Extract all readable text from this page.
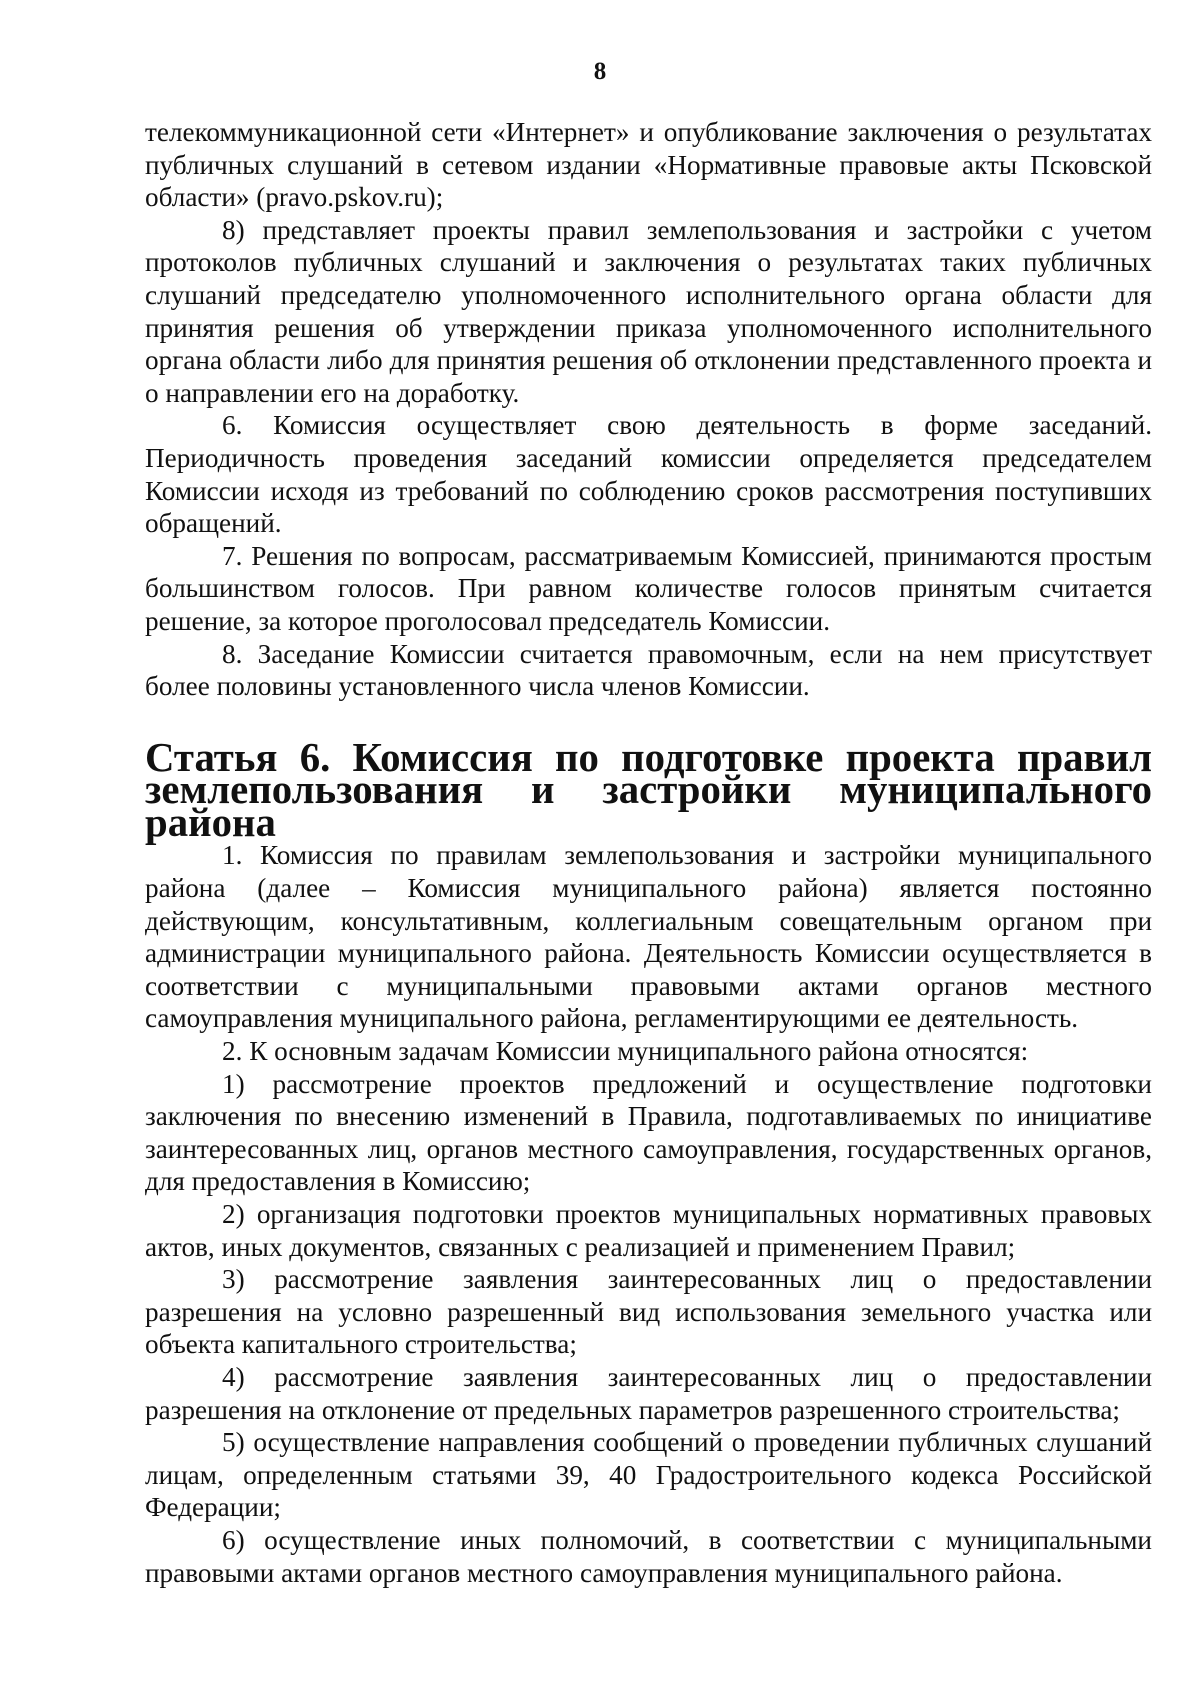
8

телекоммуникационной сети «Интернет» и опубликование заключения о результатах публичных слушаний в сетевом издании «Нормативные правовые акты Псковской области» (pravo.pskov.ru);

8) представляет проекты правил землепользования и застройки с учетом протоколов публичных слушаний и заключения о результатах таких публичных слушаний председателю уполномоченного исполнительного органа области для принятия решения об утверждении приказа уполномоченного исполнительного органа области либо для принятия решения об отклонении представленного проекта и о направлении его на доработку.

6. Комиссия осуществляет свою деятельность в форме заседаний. Периодичность проведения заседаний комиссии определяется председателем Комиссии исходя из требований по соблюдению сроков рассмотрения поступивших обращений.

7. Решения по вопросам, рассматриваемым Комиссией, принимаются простым большинством голосов. При равном количестве голосов принятым считается решение, за которое проголосовал председатель Комиссии.

8. Заседание Комиссии считается правомочным, если на нем присутствует более половины установленного числа членов Комиссии.

Статья 6. Комиссия по подготовке проекта правил землепользования и застройки муниципального района

1. Комиссия по правилам землепользования и застройки муниципального района (далее – Комиссия муниципального района) является постоянно действующим, консультативным, коллегиальным совещательным органом при администрации муниципального района. Деятельность Комиссии осуществляется в соответствии с муниципальными правовыми актами органов местного самоуправления муниципального района, регламентирующими ее деятельность.

2. К основным задачам Комиссии муниципального района относятся:

1) рассмотрение проектов предложений и осуществление подготовки заключения по внесению изменений в Правила, подготавливаемых по инициативе заинтересованных лиц, органов местного самоуправления, государственных органов, для предоставления в Комиссию;

2) организация подготовки проектов муниципальных нормативных правовых актов, иных документов, связанных с реализацией и применением Правил;

3) рассмотрение заявления заинтересованных лиц о предоставлении разрешения на условно разрешенный вид использования земельного участка или объекта капитального строительства;

4) рассмотрение заявления заинтересованных лиц о предоставлении разрешения на отклонение от предельных параметров разрешенного строительства;

5) осуществление направления сообщений о проведении публичных слушаний лицам, определенным статьями 39, 40 Градостроительного кодекса Российской Федерации;

6) осуществление иных полномочий, в соответствии с муниципальными правовыми актами органов местного самоуправления муниципального района.
